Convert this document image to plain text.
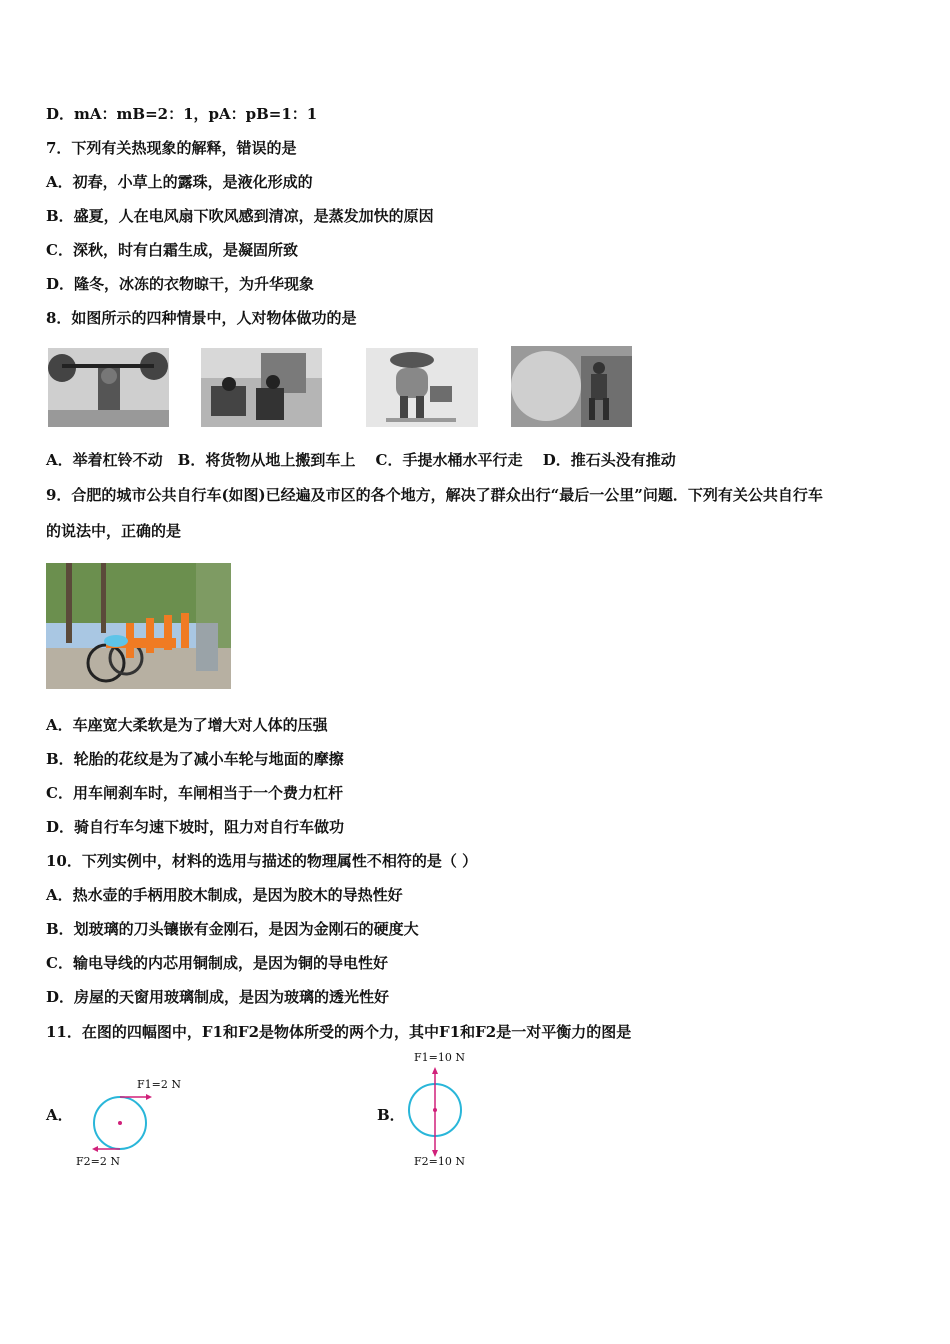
D．mA：mB=2：1，pA：pB=1：1
7．下列有关热现象的解释，错误的是
A．初春，小草上的露珠，是液化形成的
B．盛夏，人在电风扇下吹风感到清凉，是蒸发加快的原因
C．深秋，时有白霜生成，是凝固所致
D．隆冬，冰冻的衣物晾干，为升华现象
8．如图所示的四种情景中，人对物体做功的是
A．举着杠铃不动　B．将货物从地上搬到车上　 C．手提水桶水平行走　 D．推石头没有推动
9．合肥的城市公共自行车(如图)已经遍及市区的各个地方，解决了群众出行“最后一公里”问题．下列有关公共自行车
的说法中，正确的是
A．车座宽大柔软是为了增大对人体的压强
B．轮胎的花纹是为了减小车轮与地面的摩擦
C．用车闸刹车时，车闸相当于一个费力杠杆
D．骑自行车匀速下坡时，阻力对自行车做功
10．下列实例中，材料的选用与描述的物理属性不相符的是（ ）
A．热水壶的手柄用胶木制成，是因为胶木的导热性好
B．划玻璃的刀头镶嵌有金刚石，是因为金刚石的硬度大
C．输电导线的内芯用铜制成，是因为铜的导电性好
D．房屋的天窗用玻璃制成，是因为玻璃的透光性好
11．在图的四幅图中，F1和F2是物体所受的两个力，其中F1和F2是一对平衡力的图是
A．	B．
F1=2 N
F2=2 N
F1=10 N
F2=10 N
